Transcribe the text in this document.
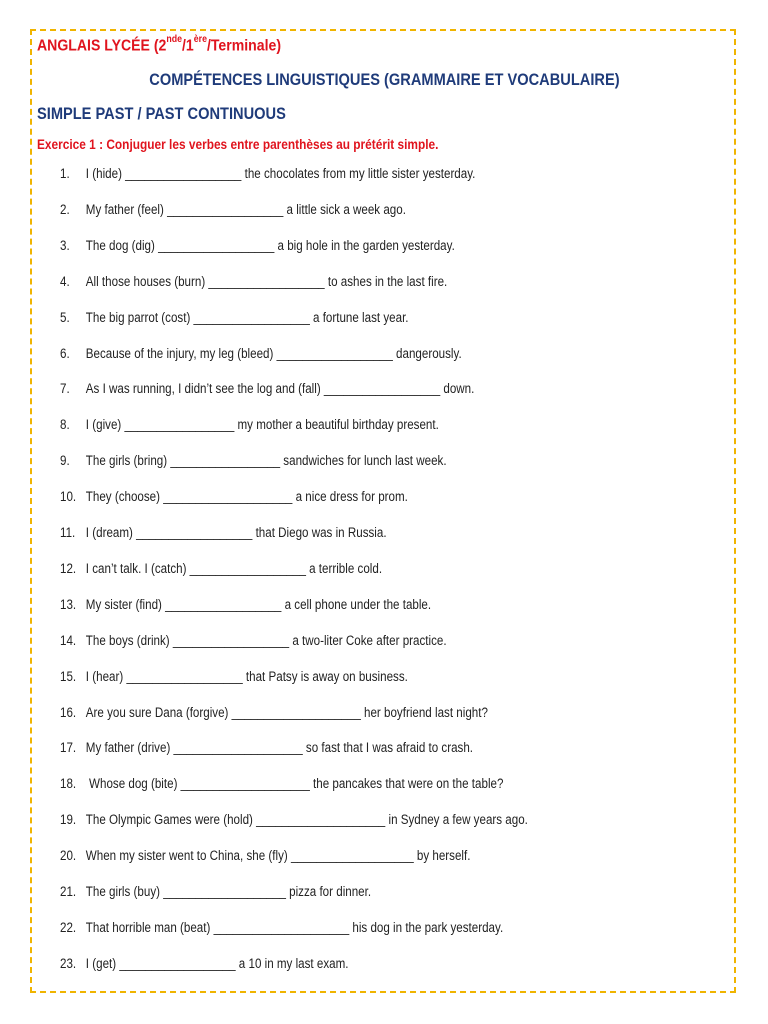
ANGLAIS LYCÉE (2nde/1ère/Terminale)
COMPÉTENCES LINGUISTIQUES (GRAMMAIRE ET VOCABULAIRE)
SIMPLE PAST / PAST CONTINUOUS
Exercice 1 : Conjuguer les verbes entre parenthèses au prétérit simple.
1. I (hide) __________________ the chocolates from my little sister yesterday.
2. My father (feel) __________________ a little sick a week ago.
3. The dog (dig) __________________ a big hole in the garden yesterday.
4. All those houses (burn) __________________ to ashes in the last fire.
5. The big parrot (cost) __________________ a fortune last year.
6. Because of the injury, my leg (bleed) __________________ dangerously.
7. As I was running, I didn’t see the log and (fall) __________________ down.
8. I (give) _________________ my mother a beautiful birthday present.
9. The girls (bring) _________________ sandwiches for lunch last week.
10. They (choose) ____________________ a nice dress for prom.
11. I (dream) __________________ that Diego was in Russia.
12. I can’t talk. I (catch) __________________ a terrible cold.
13. My sister (find) __________________ a cell phone under the table.
14. The boys (drink) __________________ a two-liter Coke after practice.
15. I (hear) __________________ that Patsy is away on business.
16. Are you sure Dana (forgive) ____________________ her boyfriend last night?
17. My father (drive) ____________________ so fast that I was afraid to crash.
18. Whose dog (bite) ____________________ the pancakes that were on the table?
19. The Olympic Games were (hold) ____________________ in Sydney a few years ago.
20. When my sister went to China, she (fly) ___________________ by herself.
21. The girls (buy) ___________________ pizza for dinner.
22. That horrible man (beat) _____________________ his dog in the park yesterday.
23. I (get) __________________ a 10 in my last exam.
